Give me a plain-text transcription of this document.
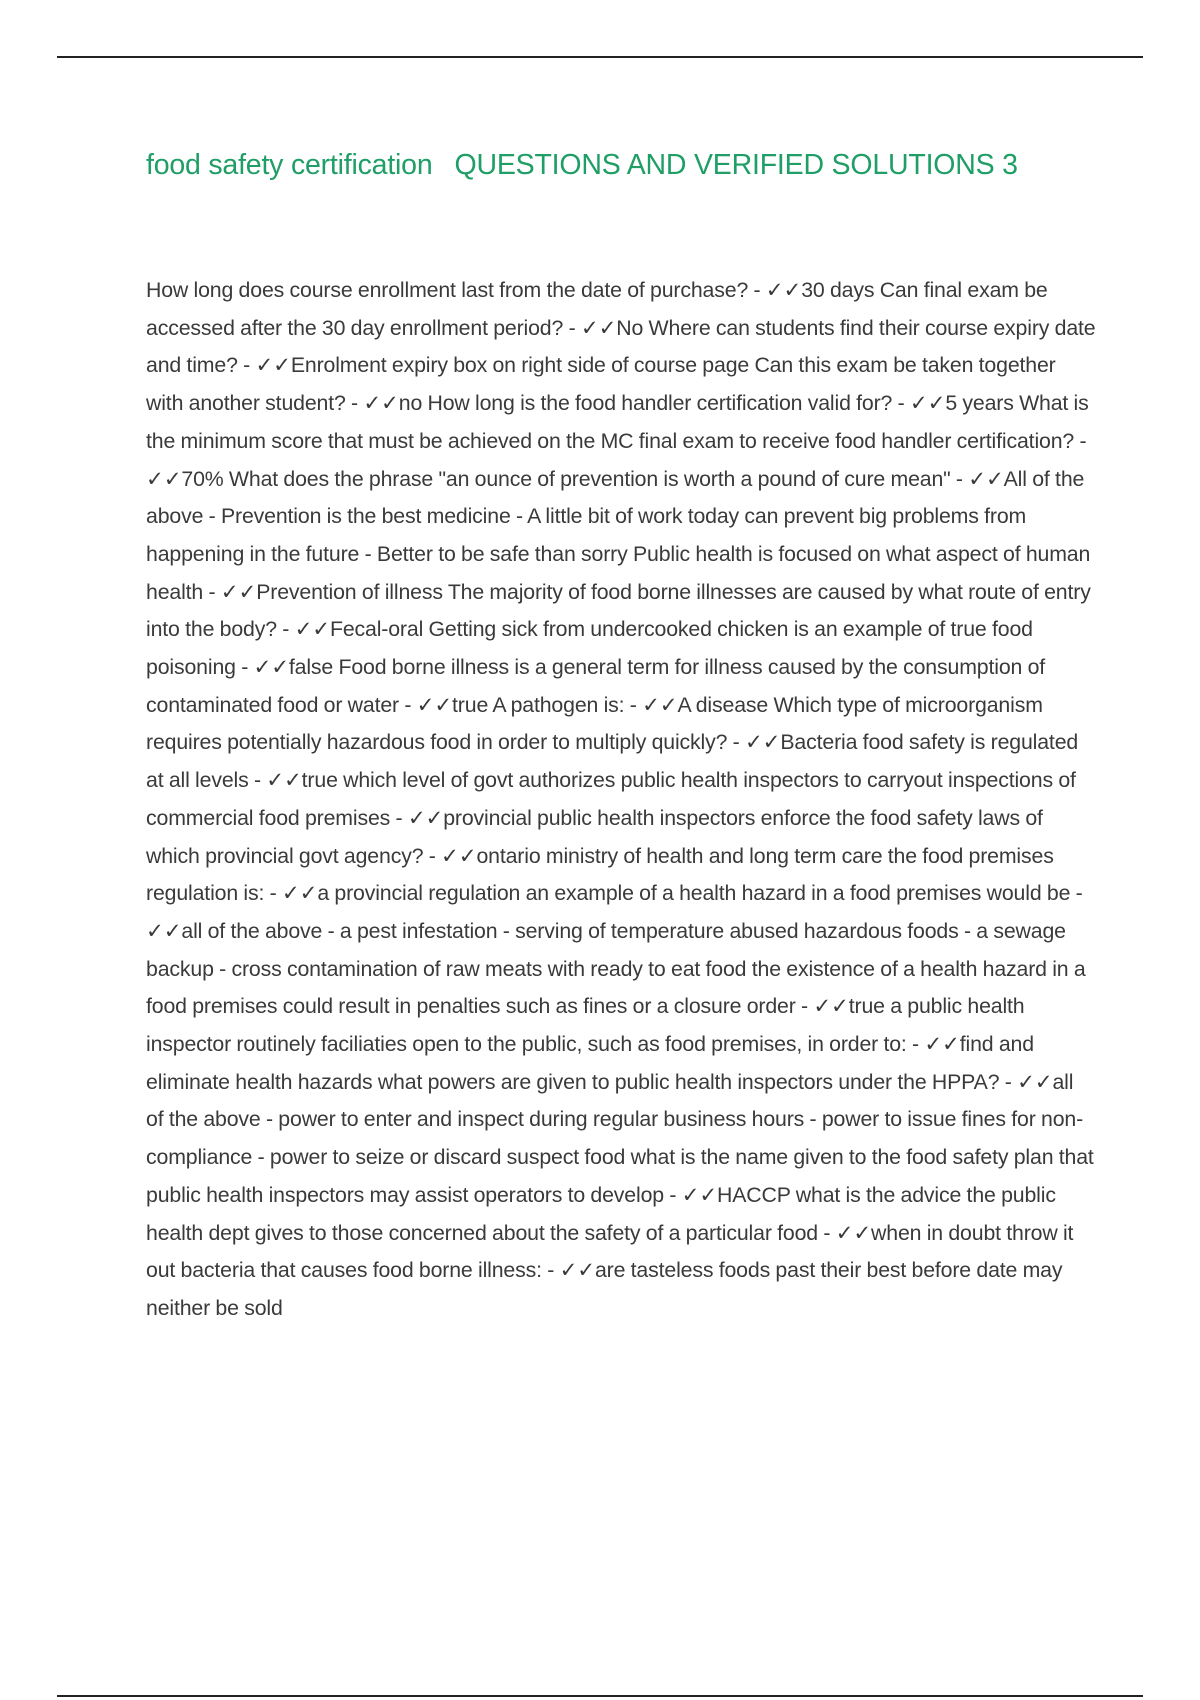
food safety certification QUESTIONS AND VERIFIED SOLUTIONS 3

How long does course enrollment last from the date of purchase? - ✓✓30 days Can final exam be accessed after the 30 day enrollment period? - ✓✓No Where can students find their course expiry date and time? - ✓✓Enrolment expiry box on right side of course page Can this exam be taken together with another student? - ✓✓no How long is the food handler certification valid for? - ✓✓5 years What is the minimum score that must be achieved on the MC final exam to receive food handler certification? - ✓✓70% What does the phrase "an ounce of prevention is worth a pound of cure mean" - ✓✓All of the above - Prevention is the best medicine - A little bit of work today can prevent big problems from happening in the future - Better to be safe than sorry Public health is focused on what aspect of human health - ✓✓Prevention of illness The majority of food borne illnesses are caused by what route of entry into the body? - ✓✓Fecal-oral Getting sick from undercooked chicken is an example of true food poisoning - ✓✓false Food borne illness is a general term for illness caused by the consumption of contaminated food or water - ✓✓true A pathogen is: - ✓✓A disease Which type of microorganism requires potentially hazardous food in order to multiply quickly? - ✓✓Bacteria food safety is regulated at all levels - ✓✓true which level of govt authorizes public health inspectors to carryout inspections of commercial food premises - ✓✓provincial public health inspectors enforce the food safety laws of which provincial govt agency? - ✓✓ontario ministry of health and long term care the food premises regulation is: - ✓✓a provincial regulation an example of a health hazard in a food premises would be - ✓✓all of the above - a pest infestation - serving of temperature abused hazardous foods - a sewage backup - cross contamination of raw meats with ready to eat food the existence of a health hazard in a food premises could result in penalties such as fines or a closure order - ✓✓true a public health inspector routinely faciliaties open to the public, such as food premises, in order to: - ✓✓find and eliminate health hazards what powers are given to public health inspectors under the HPPA? - ✓✓all of the above - power to enter and inspect during regular business hours - power to issue fines for non-compliance - power to seize or discard suspect food what is the name given to the food safety plan that public health inspectors may assist operators to develop - ✓✓HACCP what is the advice the public health dept gives to those concerned about the safety of a particular food - ✓✓when in doubt throw it out bacteria that causes food borne illness: - ✓✓are tasteless foods past their best before date may neither be sold
